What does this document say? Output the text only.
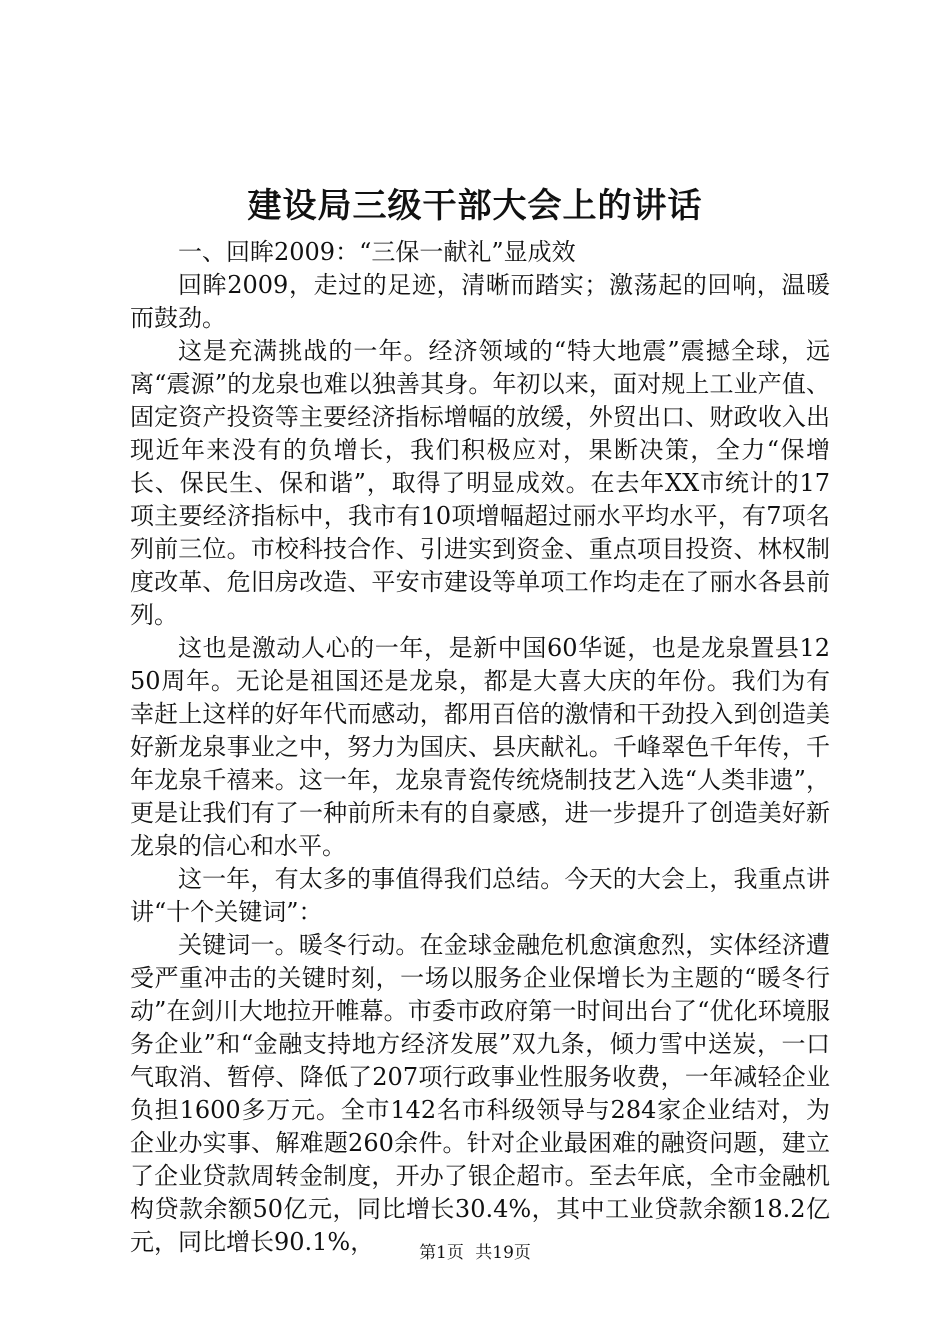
建设局三级干部大会上的讲话

一、回眸2009：“三保一献礼”显成效

回眸2009，走过的足迹，清晰而踏实；激荡起的回响，温暖而鼓劲。

这是充满挑战的一年。经济领域的“特大地震”震撼全球，远离“震源”的龙泉也难以独善其身。年初以来，面对规上工业产值、固定资产投资等主要经济指标增幅的放缓，外贸出口、财政收入出现近年来没有的负增长，我们积极应对，果断决策，全力“保增长、保民生、保和谐”，取得了明显成效。在去年XX市统计的17项主要经济指标中，我市有10项增幅超过丽水平均水平，有7项名列前三位。市校科技合作、引进实到资金、重点项目投资、林权制度改革、危旧房改造、平安市建设等单项工作均走在了丽水各县前列。

这也是激动人心的一年，是新中国60华诞，也是龙泉置县1250周年。无论是祖国还是龙泉，都是大喜大庆的年份。我们为有幸赶上这样的好年代而感动，都用百倍的激情和干劲投入到创造美好新龙泉事业之中，努力为国庆、县庆献礼。千峰翠色千年传，千年龙泉千禧来。这一年，龙泉青瓷传统烧制技艺入选“人类非遗”，更是让我们有了一种前所未有的自豪感，进一步提升了创造美好新龙泉的信心和水平。

这一年，有太多的事值得我们总结。今天的大会上，我重点讲讲“十个关键词”：

关键词一。暖冬行动。在金球金融危机愈演愈烈，实体经济遭受严重冲击的关键时刻，一场以服务企业保增长为主题的“暖冬行动”在剑川大地拉开帷幕。市委市政府第一时间出台了“优化环境服务企业”和“金融支持地方经济发展”双九条，倾力雪中送炭，一口气取消、暂停、降低了207项行政事业性服务收费，一年减轻企业负担1600多万元。全市142名市科级领导与284家企业结对，为企业办实事、解难题260余件。针对企业最困难的融资问题，建立了企业贷款周转金制度，开办了银企超市。至去年底，全市金融机构贷款余额50亿元，同比增长30.4%，其中工业贷款余额18.2亿元，同比增长90.1%，	第1页 共19页
